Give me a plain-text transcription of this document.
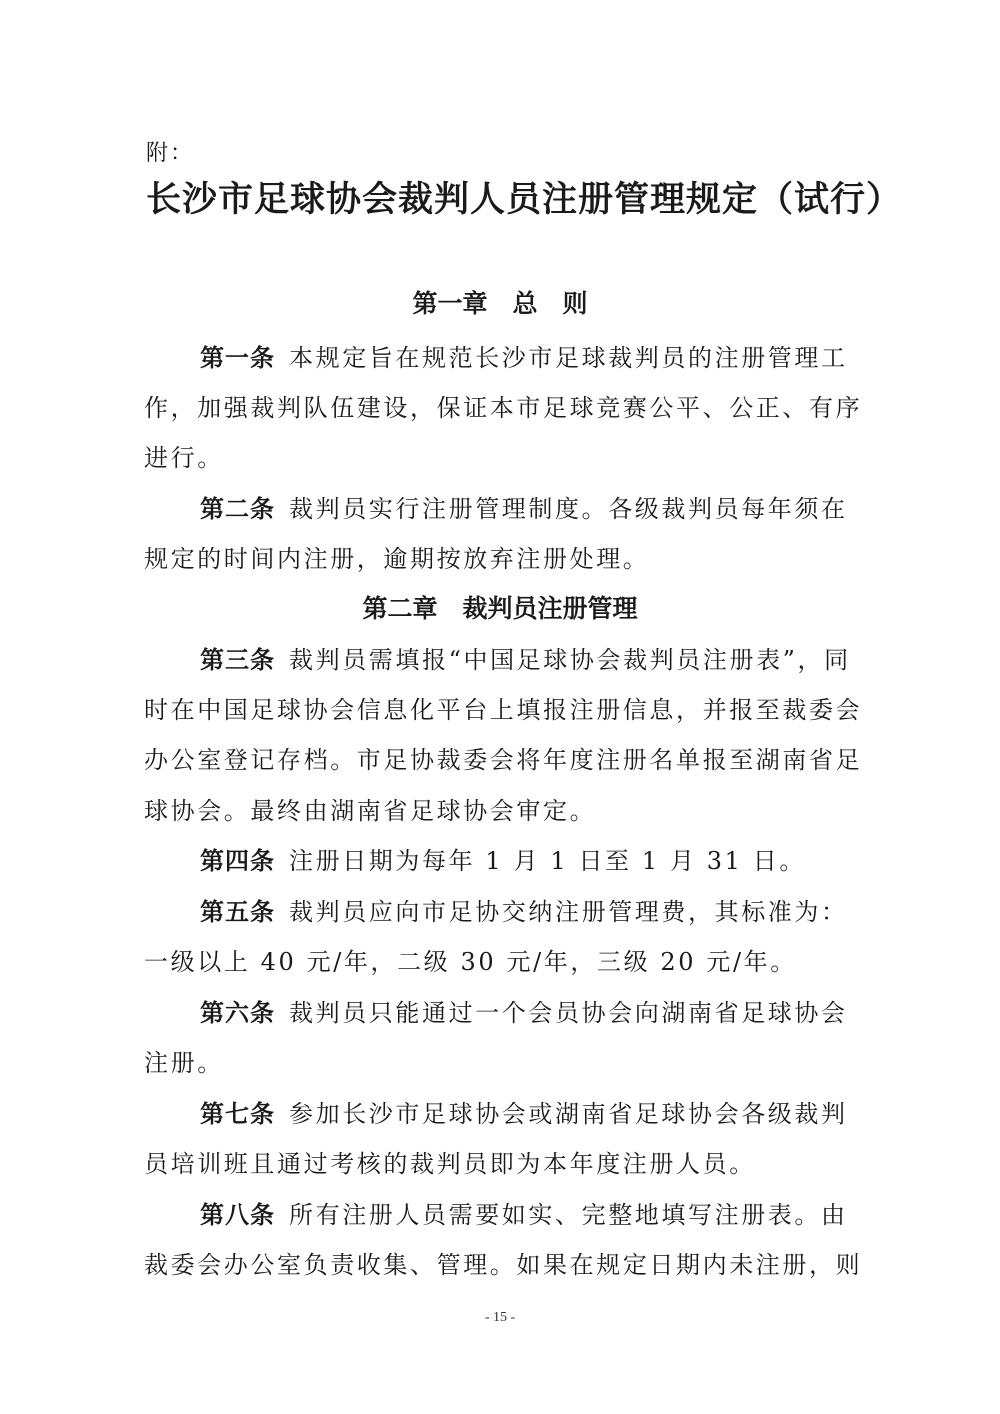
附：
长沙市足球协会裁判人员注册管理规定（试行）
第一章　总　则
第一条 本规定旨在规范长沙市足球裁判员的注册管理工
作，加强裁判队伍建设，保证本市足球竞赛公平、公正、有序
进行。
第二条 裁判员实行注册管理制度。各级裁判员每年须在
规定的时间内注册，逾期按放弃注册处理。
第二章　裁判员注册管理
第三条 裁判员需填报“中国足球协会裁判员注册表”，同
时在中国足球协会信息化平台上填报注册信息，并报至裁委会
办公室登记存档。市足协裁委会将年度注册名单报至湖南省足
球协会。最终由湖南省足球协会审定。
第四条 注册日期为每年 1 月 1 日至 1 月 31 日。
第五条 裁判员应向市足协交纳注册管理费，其标准为：
一级以上 40 元/年，二级 30 元/年，三级 20 元/年。
第六条 裁判员只能通过一个会员协会向湖南省足球协会
注册。
第七条 参加长沙市足球协会或湖南省足球协会各级裁判
员培训班且通过考核的裁判员即为本年度注册人员。
第八条 所有注册人员需要如实、完整地填写注册表。由
裁委会办公室负责收集、管理。如果在规定日期内未注册，则
- 15 -
